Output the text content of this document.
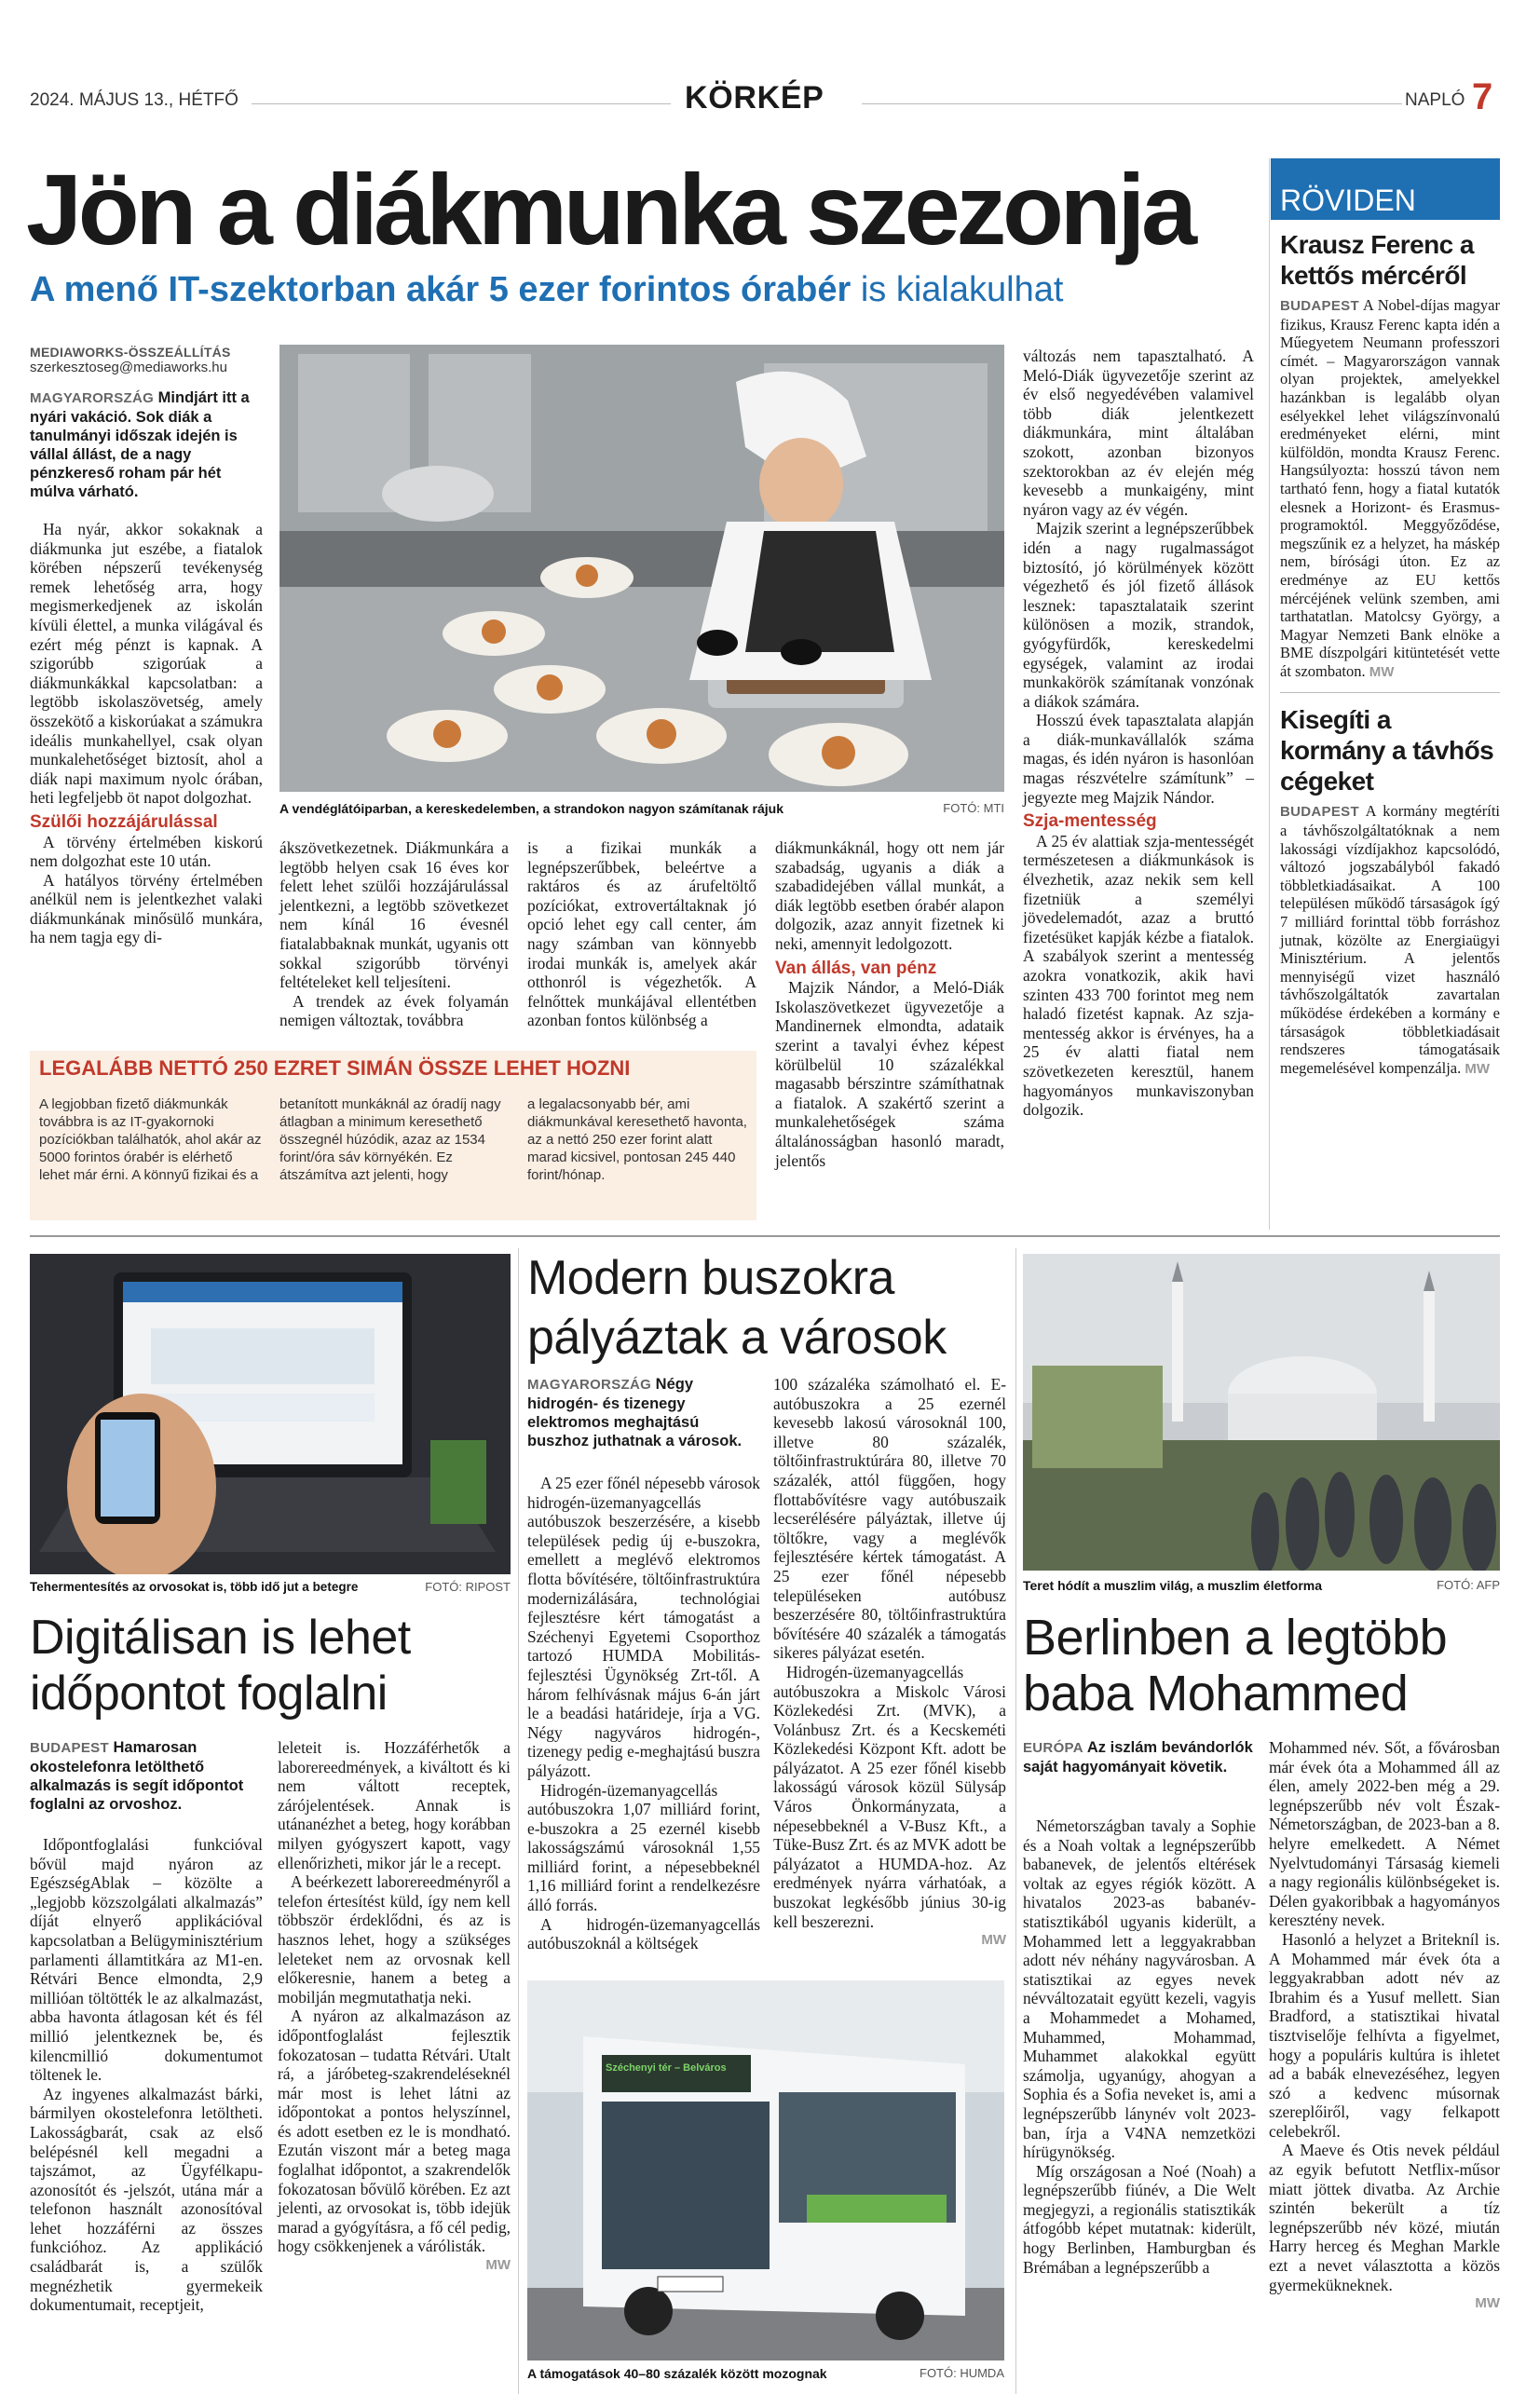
2024. MÁJUS 13., HÉTFŐ	KÖRKÉP	NAPLÓ 7
Jön a diákmunka szezonja
A menő IT-szektorban akár 5 ezer forintos órabér is kialakulhat
MEDIAWORKS-ÖSSZEÁLLÍTÁS
szerkesztoseg@mediaworks.hu
MAGYARORSZÁG Mindjárt itt a nyári vakáció. Sok diák a tanulmányi időszak idején is vállal állást, de a nagy pénzkereső roham pár hét múlva várható.

Ha nyár, akkor sokaknak a diákmunka jut eszébe, a fiatalok körében népszerű tevékenység remek lehetőség arra, hogy megismerkedjenek az iskolán kívüli élettel, a munka világával és ezért még pénzt is kapnak. A szigorúbb szigorúak a diákmunkákkal kapcsolatban: a legtöbb iskolaszövetség, amely összekötő a kiskorúakat a számukra ideális munkahellyel, csak olyan munkalehetőséget biztosít, ahol a diák napi maximum nyolc órában, heti legfeljebb öt napot dolgozhat.

Szülői hozzájárulással

A törvény értelmében kiskorú nem dolgozhat este 10 után.

A hatályos törvény értelmében anélkül nem is jelentkezhet valaki diákmunkának minősülő munkára, ha nem tagja egy di-

A vendéglátóiparban, a kereskedelemben, a strandokon nagyon számítanak rájuk	FOTÓ: MTI

ákszövetkezetnek. Diákmunkára a legtöbb helyen csak 16 éves kor felett lehet szülői hozzájárulással jelentkezni, a legtöbb szövetkezet nem kínál 16 évesnél fiatalabbaknak munkát, ugyanis ott sokkal szigorúbb törvényi feltételeket kell teljesíteni.

A trendek az évek folyamán nemigen változtak, továbbra

is a fizikai munkák a legnépszerűbbek, beleértve a raktáros és az árufeltöltő pozíciókat, extrovertáltaknak jó opció lehet egy call center, ám nagy számban van könnyebb irodai munkák is, amelyek akár otthonról is végezhetők. A felnőttek munkájával ellentétben azonban fontos különbség a

diákmunkáknál, hogy ott nem jár szabadság, ugyanis a diák a szabadidejében vállal munkát, a diák legtöbb esetben órabér alapon dolgozik, azaz annyit fizetnek ki neki, amennyit ledolgozott.

Van állás, van pénz

Majzik Nándor, a Meló-Diák Iskolaszövetkezet ügyvezetője a Mandinernek elmondta, adataik szerint a tavalyi évhez képest körülbelül 10 százalékkal magasabb bérszintre számíthatnak a fiatalok. A szakértő szerint a munkalehetőségek száma általánosságban hasonló maradt, jelentős

LEGALÁBB NETTÓ 250 EZRET SIMÁN ÖSSZE LEHET HOZNI
A legjobban fizető diákmunkák továbbra is az IT-gyakornoki pozíciókban találhatók, ahol akár az 5000 forintos órabér is elérhető lehet már érni. A könnyű fizikai és a
betanított munkáknál az óradíj nagy átlagban a minimum keresethető összegnél húzódik, azaz az 1534 forint/óra sáv környékén. Ez átszámítva azt jelenti, hogy
a legalacsonyabb bér, ami diákmunkával keresethető havonta, az a nettó 250 ezer forint alatt marad kicsivel, pontosan 245 440 forint/hónap.

változás nem tapasztalható. A Meló-Diák ügyvezetője szerint az év első negyedévében valamivel több diák jelentkezett diákmunkára, mint általában szokott, azonban bizonyos szektorokban az év elején még kevesebb a munkaigény, mint nyáron vagy az év végén.

Majzik szerint a legnépszerűbbek idén a nagy rugalmasságot biztosító, jó körülmények között végezhető és jól fizető állások lesznek: tapasztalataik szerint különösen a mozik, strandok, gyógyfürdők, kereskedelmi egységek, valamint az irodai munkakörök számítanak vonzónak a diákok számára.

Hosszú évek tapasztalata alapján a diák-munkavállalók száma magas, és idén nyáron is hasonlóan magas részvételre számítunk” – jegyezte meg Majzik Nándor.

Szja-mentesség

A 25 év alattiak szja-mentességét természetesen a diákmunkások is élvezhetik, azaz nekik sem kell fizetniük a személyi jövedelemadót, azaz a bruttó fizetésüket kapják kézbe a fiatalok. A szabályok szerint a mentesség azokra vonatkozik, akik havi szinten 433 700 forintot meg nem haladó fizetést kapnak. Az szja-mentesség akkor is érvényes, ha a 25 év alatti fiatal nem szövetkezeten keresztül, hanem hagyományos munkaviszonyban dolgozik.

RÖVIDEN
Krausz Ferenc a kettős mércéről
BUDAPEST A Nobel-díjas magyar fizikus, Krausz Ferenc kapta idén a Műegyetem Neumann professzori címét. – Magyarországon vannak olyan projektek, amelyekkel hazánkban is legalább olyan esélyekkel lehet világszínvonalú eredményeket elérni, mint külföldön, mondta Krausz Ferenc. Hangsúlyozta: hosszú távon nem tartható fenn, hogy a fiatal kutatók elesnek a Horizont- és Erasmus-programoktól. Meggyőződése, megszűnik ez a helyzet, ha máskép nem, bírósági úton. Ez az eredménye az EU kettős mércéjének velünk szemben, ami tarthatatlan. Matolcsy György, a Magyar Nemzeti Bank elnöke a BME díszpolgári kitüntetését vette át szombaton. MW
Kisegíti a kormány a távhős cégeket
BUDAPEST A kormány megtéríti a távhőszolgáltatóknak a nem lakossági vízdíjakhoz kapcsolódó, változó jogszabályból fakadó többletkiadásaikat. A 100 településen működő társaságok ígý 7 milliárd forinttal több forráshoz jutnak, közölte az Energiaügyi Minisztérium. A jelentős mennyiségű vizet használó távhőszolgáltatók zavartalan működése érdekében a kormány e társaságok többletkiadásait rendszeres támogatásaik megemelésével kompenzálja. MW
Tehermentesítés az orvosokat is, több idő jut a betegre	FOTÓ: RIPOST
Digitálisan is lehet időpontot foglalni
BUDAPEST Hamarosan okostelefonra letölthető alkalmazás is segít időpontot foglalni az orvoshoz.

Időpontfoglalási funkcióval bővül majd nyáron az EgészségAblak – közölte a „legjobb közszolgálati alkalmazás” díját elnyerő applikációval kapcsolatban a Belügyminisztérium parlamenti államtitkára az M1-en. Rétvári Bence elmondta, 2,9 millióan töltötték le az alkalmazást, abba havonta átlagosan két és fél millió jelentkeznek be, és kilencmillió dokumentumot töltenek le.

Az ingyenes alkalmazást bárki, bármilyen okostelefonra letöltheti. Lakosságbarát, csak az első belépésnél kell megadni a tajszámot, az Ügyfélkapu-azonosítót és -jelszót, utána már a telefonon használt azonosítóval lehet hozzáférni az összes funkcióhoz. Az applikáció családbarát is, a szülők megnézhetik gyermekeik dokumentumait, receptjeit,

leleteit is. Hozzáférhetők a laborereedmények, a kiváltott és ki nem váltott receptek, zárójelentések. Annak is utánanézhet a beteg, hogy korábban milyen gyógyszert kapott, vagy ellenőrizheti, mikor jár le a recept.

A beérkezett laborereedményről a telefon értesítést küld, így nem kell többször érdeklődni, és az is hasznos lehet, hogy a szükséges leleteket nem az orvosnak kell előkeresnie, hanem a beteg a mobilján megmutathatja neki.

A nyáron az alkalmazáson az időpontfoglalást fejlesztik fokozatosan – tudatta Rétvári. Utalt rá, a járóbeteg-szakrendeléseknél már most is lehet látni az időpontokat a pontos helyszínnel, és adott esetben ez le is mondható. Ezután viszont már a beteg maga foglalhat időpontot, a szakrendelők fokozatosan bővülő körében. Ez azt jelenti, az orvosokat is, több idejük marad a gyógyításra, a fő cél pedig, hogy csökkenjenek a várólisták.

MW
Modern buszokra pályáztak a városok
MAGYARORSZÁG Négy hidrogén- és tizenegy elektromos meghajtású buszhoz juthatnak a városok.

A 25 ezer főnél népesebb városok hidrogén-üzemanyagcellás autóbuszok beszerzésére, a kisebb települések pedig új e-buszokra, emellett a meglévő elektromos flotta bővítésére, töltőinfrastruktúra modernizálására, technológiai fejlesztésre kért támogatást a Széchenyi Egyetemi Csoporthoz tartozó HUMDA Mobilitás-fejlesztési Ügynökség Zrt-től. A három felhívásnak május 6-án járt le a beadási határideje, írja a VG. Négy nagyváros hidrogén-, tizenegy pedig e-meghajtású buszra pályázott.

Hidrogén-üzemanyagcellás autóbuszokra 1,07 milliárd forint, e-buszokra a 25 ezernél kisebb lakosságszámú városoknál 1,55 milliárd forint, a népesebbeknél 1,16 milliárd forint a rendelkezésre álló forrás.

A hidrogén-üzemanyagcellás autóbuszoknál a költségek

100 százaléka számolható el. E-autóbuszokra a 25 ezernél kevesebb lakosú városoknál 100, illetve 80 százalék, töltőinfrastruktúrára 80, illetve 70 százalék, attól függően, hogy flottabővítésre vagy autóbuszaik lecserélésére pályáztak, illetve új töltőkre, vagy a meglévők fejlesztésére kértek támogatást. A 25 ezer főnél népesebb településeken autóbusz beszerzésére 80, töltőinfrastruktúra bővítésére 40 százalék a támogatás sikeres pályázat esetén.

Hidrogén-üzemanyagcellás autóbuszokra a Miskolc Városi Közlekedési Zrt. (MVK), a Volánbusz Zrt. és a Kecskeméti Közlekedési Központ Kft. adott be pályázatot. A 25 ezer főnél kisebb lakosságú városok közül Sülysáp Város Önkormányzata, a népesebbeknél a V-Busz Kft., a Tüke-Busz Zrt. és az MVK adott be pályázatot a HUMDA-hoz. Az eredmények nyárra várhatóak, a buszokat legkésőbb június 30-ig kell beszerezni.

MW
Széchenyi tér – Belváros
A támogatások 40–80 százalék között mozognak	FOTÓ: HUMDA
Teret hódít a muszlim világ, a muszlim életforma	FOTÓ: AFP
Berlinben a legtöbb baba Mohammed
EURÓPA Az iszlám bevándorlók saját hagyományait követik.

Németországban tavaly a Sophie és a Noah voltak a legnépszerűbb babanevek, de jelentős eltérések voltak az egyes régiók között. A hivatalos 2023-as babanév-statisztikából ugyanis kiderült, a Mohammed lett a leggyakrabban adott név néhány nagyvárosban. A statisztikai az egyes nevek névváltozatait együtt kezeli, vagyis a Mohammedet a Mohamed, Muhammed, Mohammad, Muhammet alakokkal együtt számolja, ugyanúgy, ahogyan a Sophia és a Sofia neveket is, ami a legnépszerűbb lánynév volt 2023-ban, írja a V4NA nemzetközi hírügynökség.

Míg országosan a Noé (Noah) a legnépszerűbb fiúnév, a Die Welt megjegyzi, a regionális statisztikák átfogóbb képet mutatnak: kiderült, hogy Berlinben, Hamburgban és Brémában a legnépszerűbb a

Mohammed név. Sőt, a fővárosban már évek óta a Mohammed áll az élen, amely 2022-ben még a 29. legnépszerűbb név volt Észak-Németországban, de 2023-ban a 8. helyre emelkedett. A Német Nyelvtudományi Társaság kiemeli a nagy regionális különbségeket is. Délen gyakoribbak a hagyományos keresztény nevek.

Hasonló a helyzet a Britekníl is. A Mohammed már évek óta a leggyakrabban adott név az Ibrahim és a Yusuf mellett. Sian Bradford, a statisztikai hivatal tisztviselője felhívta a figyelmet, hogy a populáris kultúra is ihletet ad a babák elnevezéséhez, legyen szó a kedvenc músornak szereplőiről, vagy felkapott celebekről.

A Maeve és Otis nevek például az egyik befutott Netflix-műsor miatt jöttek divatba. Az Archie szintén bekerült a tíz legnépszerűbb név közé, miután Harry herceg és Meghan Markle ezt a nevet választotta a közös gyermekükneknek.

MW
